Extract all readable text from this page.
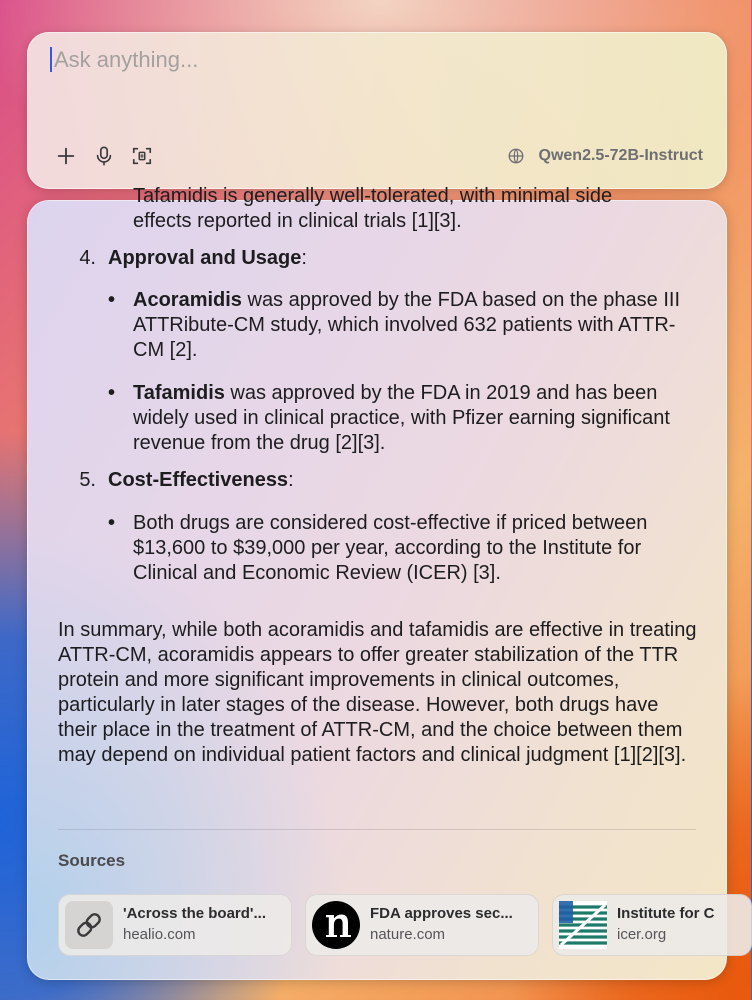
Ask anything...
Qwen2.5-72B-Instruct
Tafamidis is generally well-tolerated, with minimal side
effects reported in clinical trials [1][3].
4. Approval and Usage :
• Acoramidis was approved by the FDA based on the phase III ATTRibute-CM study, which involved 632 patients with ATTR-CM [2].
• Tafamidis was approved by the FDA in 2019 and has been widely used in clinical practice, with Pfizer earning significant revenue from the drug [2][3].
5. Cost-Effectiveness :
• Both drugs are considered cost-effective if priced between $13,600 to $39,000 per year, according to the Institute for Clinical and Economic Review (ICER) [3].
In summary, while both acoramidis and tafamidis are effective in treating ATTR-CM, acoramidis appears to offer greater stabilization of the TTR protein and more significant improvements in clinical outcomes, particularly in later stages of the disease. However, both drugs have their place in the treatment of ATTR-CM, and the choice between them may depend on individual patient factors and clinical judgment [1][2][3].
Sources
'Across the board'...
healio.com
FDA approves sec...
nature.com
Institute for C
icer.org
